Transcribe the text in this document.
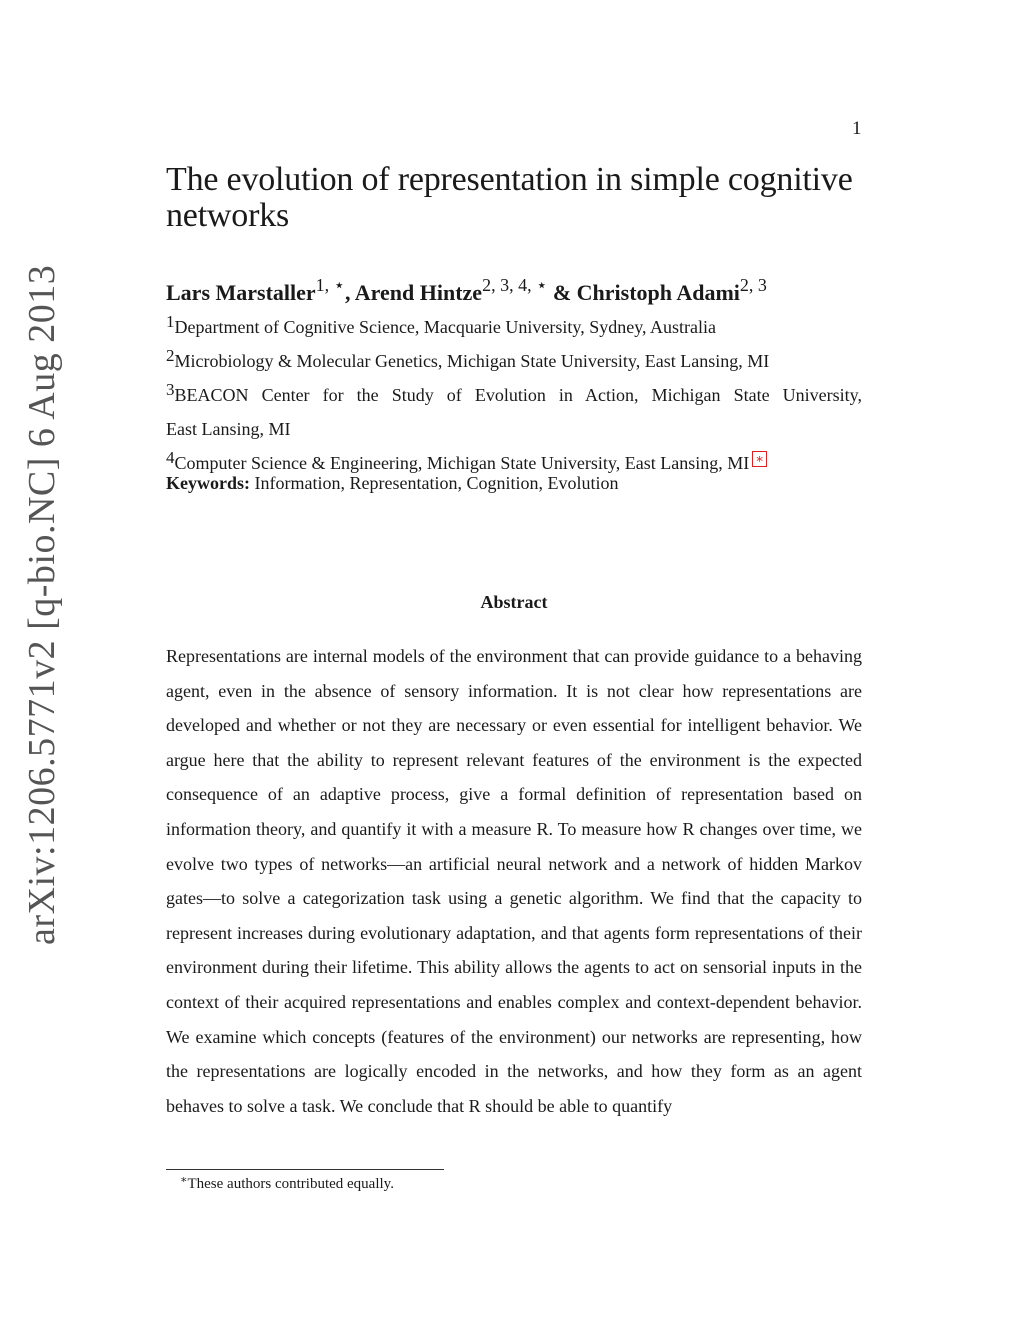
1
arXiv:1206.5771v2 [q-bio.NC] 6 Aug 2013
The evolution of representation in simple cognitive networks
Lars Marstaller$^{1, ⋆}$, Arend Hintze$^{2, 3, 4, ⋆}$ & Christoph Adami$^{2, 3}$
$^1$Department of Cognitive Science, Macquarie University, Sydney, Australia
$^2$Microbiology & Molecular Genetics, Michigan State University, East Lansing, MI
$^3$BEACON Center for the Study of Evolution in Action, Michigan State University,
East Lansing, MI
$^4$Computer Science & Engineering, Michigan State University, East Lansing, MI ∗
Keywords: Information, Representation, Cognition, Evolution
Abstract
Representations are internal models of the environment that can provide guidance to a behaving agent, even in the absence of sensory information. It is not clear how representations are developed and whether or not they are necessary or even essential for intelligent behavior. We argue here that the ability to represent relevant features of the environment is the expected consequence of an adaptive process, give a formal definition of representation based on information theory, and quantify it with a measure R. To measure how R changes over time, we evolve two types of networks—an artificial neural network and a network of hidden Markov gates—to solve a categorization task using a genetic algorithm. We find that the capacity to represent increases during evolutionary adaptation, and that agents form representations of their environment during their lifetime. This ability allows the agents to act on sensorial inputs in the context of their acquired representations and enables complex and context-dependent behavior. We examine which concepts (features of the environment) our networks are representing, how the representations are logically encoded in the networks, and how they form as an agent behaves to solve a task. We conclude that R should be able to quantify
∗These authors contributed equally.
